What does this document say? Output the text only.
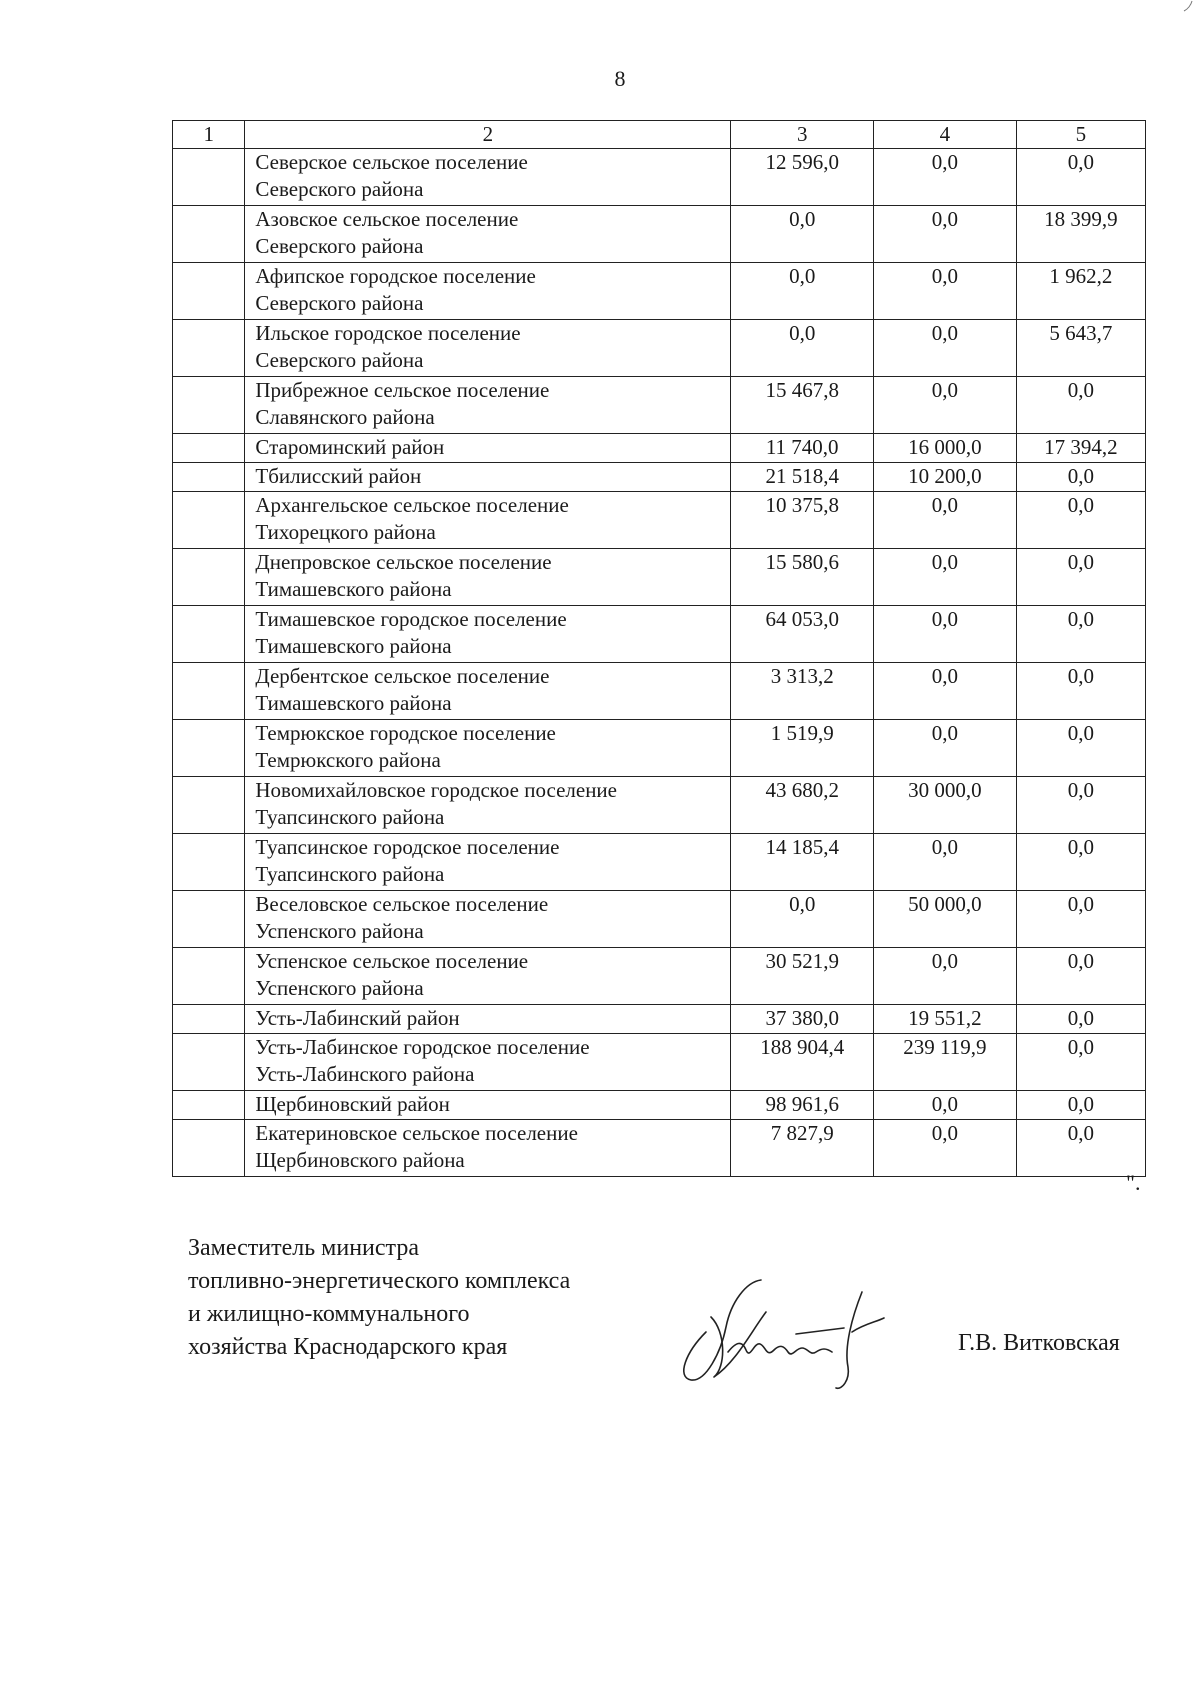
8
1	2	3	4	5

	Северское сельское поселение
Северского района	12 596,0	0,0	0,0

	Азовское сельское поселение
Северского района	0,0	0,0	18 399,9

	Афипское городское поселение
Северского района	0,0	0,0	1 962,2

	Ильское городское поселение
Северского района	0,0	0,0	5 643,7

	Прибрежное сельское поселение
Славянского района	15 467,8	0,0	0,0

	Староминский район	11 740,0	16 000,0	17 394,2

	Тбилисский район	21 518,4	10 200,0	0,0

	Архангельское сельское поселение
Тихорецкого района	10 375,8	0,0	0,0

	Днепровское сельское поселение
Тимашевского района	15 580,6	0,0	0,0

	Тимашевское городское поселение
Тимашевского района	64 053,0	0,0	0,0

	Дербентское сельское поселение
Тимашевского района	3 313,2	0,0	0,0

	Темрюкское городское поселение
Темрюкского района	1 519,9	0,0	0,0

	Новомихайловское городское поселение
Туапсинского района	43 680,2	30 000,0	0,0

	Туапсинское городское поселение
Туапсинского района	14 185,4	0,0	0,0

	Веселовское сельское поселение
Успенского района	0,0	50 000,0	0,0

	Успенское сельское поселение
Успенского района	30 521,9	0,0	0,0

	Усть-Лабинский район	37 380,0	19 551,2	0,0

	Усть-Лабинское городское поселение
Усть-Лабинского района	188 904,4	239 119,9	0,0

	Щербиновский район	98 961,6	0,0	0,0

	Екатериновское сельское поселение
Щербиновского района	7 827,9	0,0	0,0
".
Заместитель министра
топливно-энергетического комплекса
и жилищно-коммунального
хозяйства Краснодарского края	Г.В. Витковская
